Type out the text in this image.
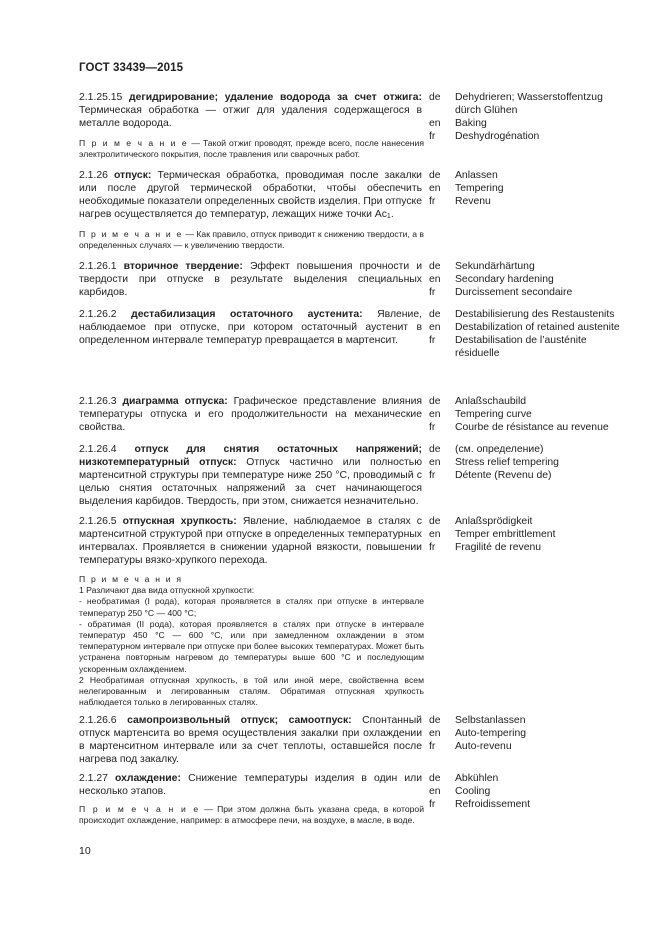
ГОСТ 33439—2015
2.1.25.15 дегидрирование; удаление водорода за счет отжига: Термическая обработка — отжиг для удаления содержащегося в металле водорода.
de	Dehydrieren; Wasserstoffentzug dürch Glühen
en	Baking
fr	Deshydrogénation
П р и м е ч а н и е — Такой отжиг проводят, прежде всего, после нанесения электролитического покрытия, после травления или сварочных работ.
2.1.26 отпуск: Термическая обработка, проводимая после закалки или после другой термической обработки, чтобы обеспечить необходимые показатели определенных свойств изделия. При отпуске нагрев осуществляется до температур, лежащих ниже точки $Ас_1$.
de	Anlassen
en	Tempering
fr	Revenu
П р и м е ч а н и е — Как правило, отпуск приводит к снижению твердости, а в определенных случаях — к увеличению твердости.
2.1.26.1 вторичное твердение: Эффект повышения прочности и твердости при отпуске в результате выделения специальных карбидов.
de	Sekundärhärtung
en	Secondary hardening
fr	Durcissement secondaire
2.1.26.2 дестабилизация остаточного аустенита: Явление, наблюдаемое при отпуске, при котором остаточный аустенит в определенном интервале температур превращается в мартенсит.
de	Destabilisierung des Restaustenits
en	Destabilization of retained austenite
fr	Destabilisation de l’austénite résiduelle
2.1.26.3 диаграмма отпуска: Графическое представление влияния температуры отпуска и его продолжительности на механические свойства.
de	Anlaßschaubild
en	Tempering curve
fr	Courbe de résistance au revenue
2.1.26.4 отпуск для снятия остаточных напряжений; низкотемпературный отпуск: Отпуск частично или полностью мартенситной структуры при температуре ниже 250 °С, проводимый с целью снятия остаточных напряжений за счет начинающегося выделения карбидов. Твердость, при этом, снижается незначительно.
de	(см. определение)
en	Stress relief tempering
fr	Détente (Revenu de)
2.1.26.5 отпускная хрупкость: Явление, наблюдаемое в сталях с мартенситной структурой при отпуске в определенных температурных интервалах. Проявляется в снижении ударной вязкости, повышении температуры вязко-хрупкого перехода.
de	Anlaßsprödigkeit
en	Temper embrittlement
fr	Fragilité de revenu
П р и м е ч а н и я
1 Различают два вида отпускной хрупкости:
- необратимая (I рода), которая проявляется в сталях при отпуске в интервале температур 250 °С — 400 °С;
- обратимая (II рода), которая проявляется в сталях при отпуске в интервале температур 450 °С — 600 °С, или при замедленном охлаждении в этом температурном интервале при отпуске при более высоких температурах. Может быть устранена повторным нагревом до температуры выше 600 °С и последующим ускоренным охлаждением.
2 Необратимая отпускная хрупкость, в той или иной мере, свойственна всем нелегированным и легированным сталям. Обратимая отпускная хрупкость наблюдается только в легированных сталях.
2.1.26.6 самопроизвольный отпуск; самоотпуск: Спонтанный отпуск мартенсита во время осуществления закалки при охлаждении в мартенситном интервале или за счет теплоты, оставшейся после нагрева под закалку.
de	Selbstanlassen
en	Auto-tempering
fr	Auto-revenu
2.1.27 охлаждение: Снижение температуры изделия в один или несколько этапов.
de	Abkühlen
en	Cooling
fr	Refroidissement
П р и м е ч а н и е — При этом должна быть указана среда, в которой происходит охлаждение, например: в атмосфере печи, на воздухе, в масле, в воде.
10
